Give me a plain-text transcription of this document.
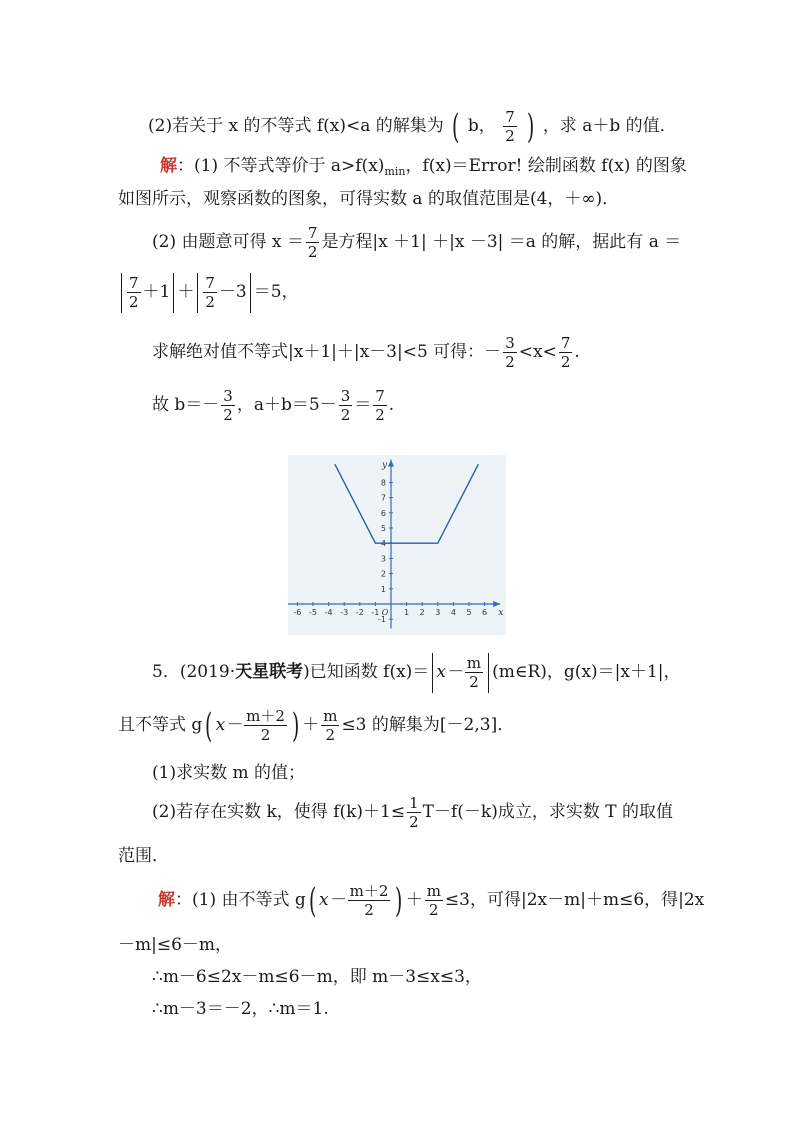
(2)若关于 x 的不等式 f(x)<a 的解集为 ( b， $\frac{7}{2}$ ) ，求 a＋b 的值．
解：(1) 不等式等价于 $a>f(x)_{min}$，f(x)＝Error! 绘制函数 f(x) 的图象
如图所示，观察函数的图象，可得实数 a 的取值范围是(4，＋∞)．
(2) 由题意可得 $x = \frac{7}{2}$ 是方程|x ＋1| ＋|x －3| ＝a 的解，据此有 a ＝
$\frac{7}{2} +1 + \frac{7}{2} -3 =5$，
求解绝对值不等式|x＋1|＋|x－3|<5 可得：－ $\frac{3}{2} <x< \frac{7}{2}$ .
故 $b=- \frac{3}{2}$ ，$a+b=5- \frac{3}{2} = \frac{7}{2}$ .
-6 -5 -4 -3 -2 -1	1 2 3 4 5 6
-1
1
2
3
4
5
6
7
8
O	x
y
5．(2019·天星联考)已知函数 $f(x)= x- \frac{m}{2}$ (m∈R)，g(x)＝|x＋1|，
且不等式 g( $x- \frac{m+2}{2}$ ) ＋ $\frac{m}{2} \le 3$ 的解集为[－2,3]．
(1)求实数 m 的值；
(2)若存在实数 k，使得 $f(k)+1\le \frac{1}{2} T-f(-k)$成立，求实数 T 的取值
范围．
解：(1) 由不等式 g( $x- \frac{m+2}{2}$ ) ＋ $\frac{m}{2} \le 3$，可得|2x－m|＋m≤6，得|2x
－m|≤6－m，
∴m－6≤2x－m≤6－m，即 m－3≤x≤3，
∴m－3＝－2，∴m＝1.
